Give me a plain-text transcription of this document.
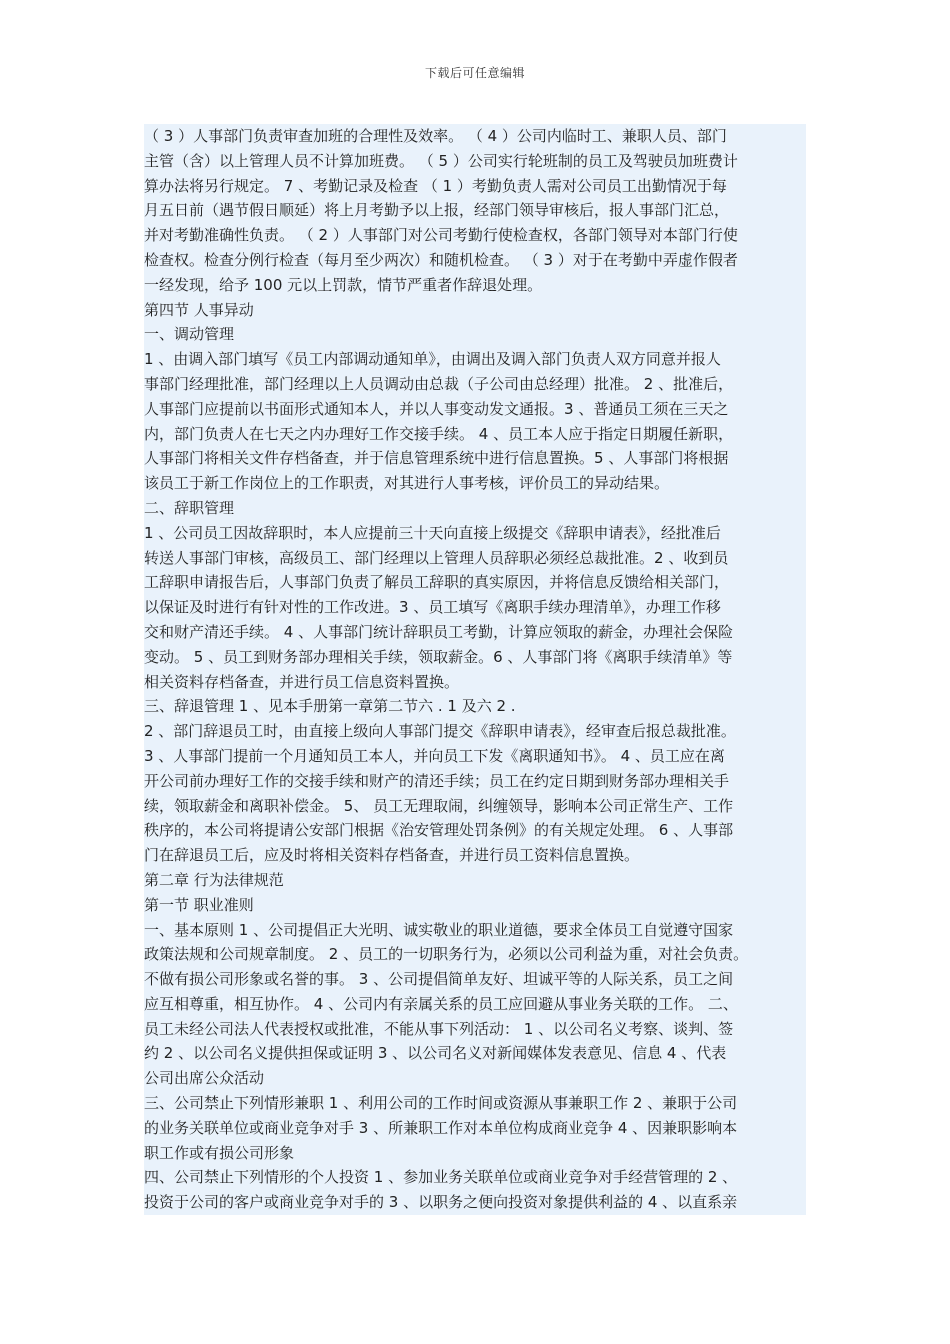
下载后可任意编辑
（ 3 ）人事部门负责审查加班的合理性及效率。 （ 4 ）公司内临时工、兼职人员、部门
主管（含）以上管理人员不计算加班费。 （ 5 ）公司实行轮班制的员工及驾驶员加班费计
算办法将另行规定。 7 、考勤记录及检查 （ 1 ）考勤负责人需对公司员工出勤情况于每
月五日前（遇节假日顺延）将上月考勤予以上报，经部门领导审核后，报人事部门汇总，
并对考勤准确性负责。 （ 2 ）人事部门对公司考勤行使检查权，各部门领导对本部门行使
检查权。检查分例行检查（每月至少两次）和随机检查。 （ 3 ）对于在考勤中弄虚作假者
一经发现，给予 100 元以上罚款，情节严重者作辞退处理。
第四节 人事异动
一、调动管理
1 、由调入部门填写《员工内部调动通知单》，由调出及调入部门负责人双方同意并报人
事部门经理批准，部门经理以上人员调动由总裁（子公司由总经理）批准。 2 、批准后，
人事部门应提前以书面形式通知本人，并以人事变动发文通报。3 、普通员工须在三天之
内，部门负责人在七天之内办理好工作交接手续。 4 、员工本人应于指定日期履任新职，
人事部门将相关文件存档备查，并于信息管理系统中进行信息置换。5 、人事部门将根据
该员工于新工作岗位上的工作职责，对其进行人事考核，评价员工的异动结果。
二、辞职管理
1 、公司员工因故辞职时，本人应提前三十天向直接上级提交《辞职申请表》，经批准后
转送人事部门审核，高级员工、部门经理以上管理人员辞职必须经总裁批准。2 、收到员
工辞职申请报告后，人事部门负责了解员工辞职的真实原因，并将信息反馈给相关部门，
以保证及时进行有针对性的工作改进。3 、员工填写《离职手续办理清单》，办理工作移
交和财产清还手续。 4 、人事部门统计辞职员工考勤，计算应领取的薪金，办理社会保险
变动。 5 、员工到财务部办理相关手续，领取薪金。6 、人事部门将《离职手续清单》等
相关资料存档备查，并进行员工信息资料置换。
三、辞退管理 1 、见本手册第一章第二节六 . 1 及六 2 .
2 、部门辞退员工时，由直接上级向人事部门提交《辞职申请表》，经审查后报总裁批准。
3 、人事部门提前一个月通知员工本人，并向员工下发《离职通知书》。 4 、员工应在离
开公司前办理好工作的交接手续和财产的清还手续；员工在约定日期到财务部办理相关手
续，领取薪金和离职补偿金。 5、 员工无理取闹，纠缠领导，影响本公司正常生产、工作
秩序的，本公司将提请公安部门根据《治安管理处罚条例》的有关规定处理。 6 、人事部
门在辞退员工后，应及时将相关资料存档备查，并进行员工资料信息置换。
第二章 行为法律规范
第一节 职业准则
一、基本原则 1 、公司提倡正大光明、诚实敬业的职业道德，要求全体员工自觉遵守国家
政策法规和公司规章制度。 2 、员工的一切职务行为，必须以公司利益为重，对社会负责。
不做有损公司形象或名誉的事。 3 、公司提倡简单友好、坦诚平等的人际关系，员工之间
应互相尊重，相互协作。 4 、公司内有亲属关系的员工应回避从事业务关联的工作。 二、
员工未经公司法人代表授权或批准，不能从事下列活动： 1 、以公司名义考察、谈判、签
约 2 、以公司名义提供担保或证明 3 、以公司名义对新闻媒体发表意见、信息 4 、代表
公司出席公众活动
三、公司禁止下列情形兼职 1 、利用公司的工作时间或资源从事兼职工作 2 、兼职于公司
的业务关联单位或商业竞争对手 3 、所兼职工作对本单位构成商业竞争 4 、因兼职影响本
职工作或有损公司形象
四、公司禁止下列情形的个人投资 1 、参加业务关联单位或商业竞争对手经营管理的 2 、
投资于公司的客户或商业竞争对手的 3 、以职务之便向投资对象提供利益的 4 、以直系亲
